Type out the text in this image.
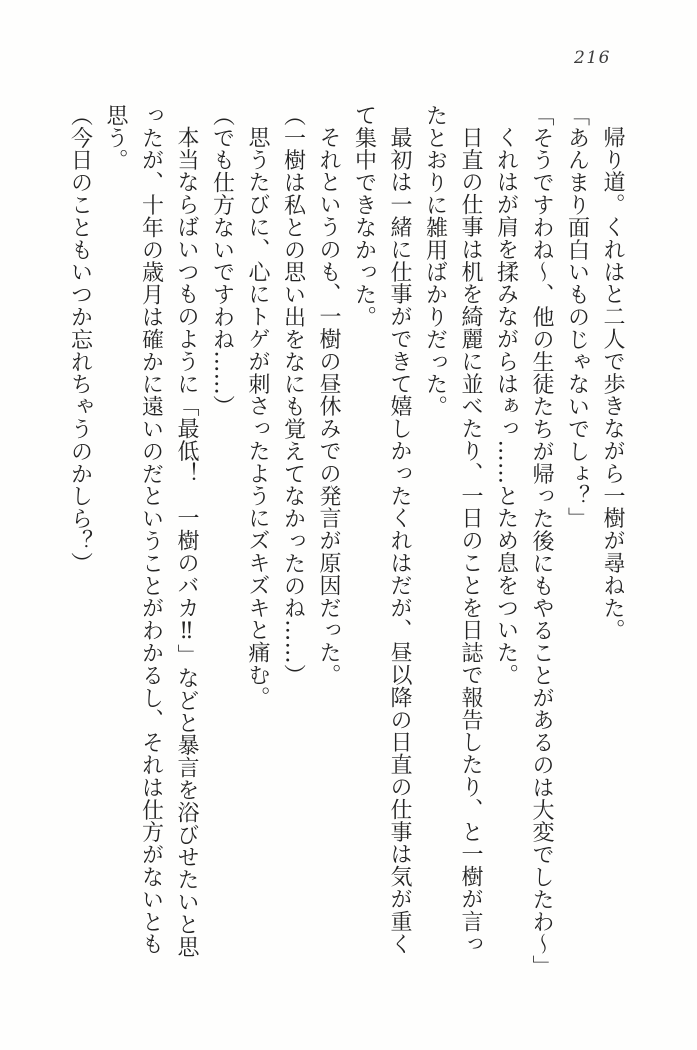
216
帰り道。くれはと二人で歩きながら一樹が尋ねた。
「あんまり面白いものじゃないでしょ？」
「そうですわね〜、他の生徒たちが帰った後にもやることがあるのは大変でしたわ〜」
くれはが肩を揉みながらはぁっ……とため息をついた。
日直の仕事は机を綺麗に並べたり、一日のことを日誌で報告したり、と一樹が言っ
たとおりに雑用ばかりだった。
最初は一緒に仕事ができて嬉しかったくれはだが、昼以降の日直の仕事は気が重く
て集中できなかった。
それというのも、一樹の昼休みでの発言が原因だった。
（一樹は私との思い出をなにも覚えてなかったのね……）
思うたびに、心にトゲが刺さったようにズキズキと痛む。
（でも仕方ないですわね……）
本当ならばいつものように「最低！　一樹のバカ‼」などと暴言を浴びせたいと思
ったが、十年の歳月は確かに遠いのだということがわかるし、それは仕方がないとも
思う。
（今日のこともいつか忘れちゃうのかしら？）
